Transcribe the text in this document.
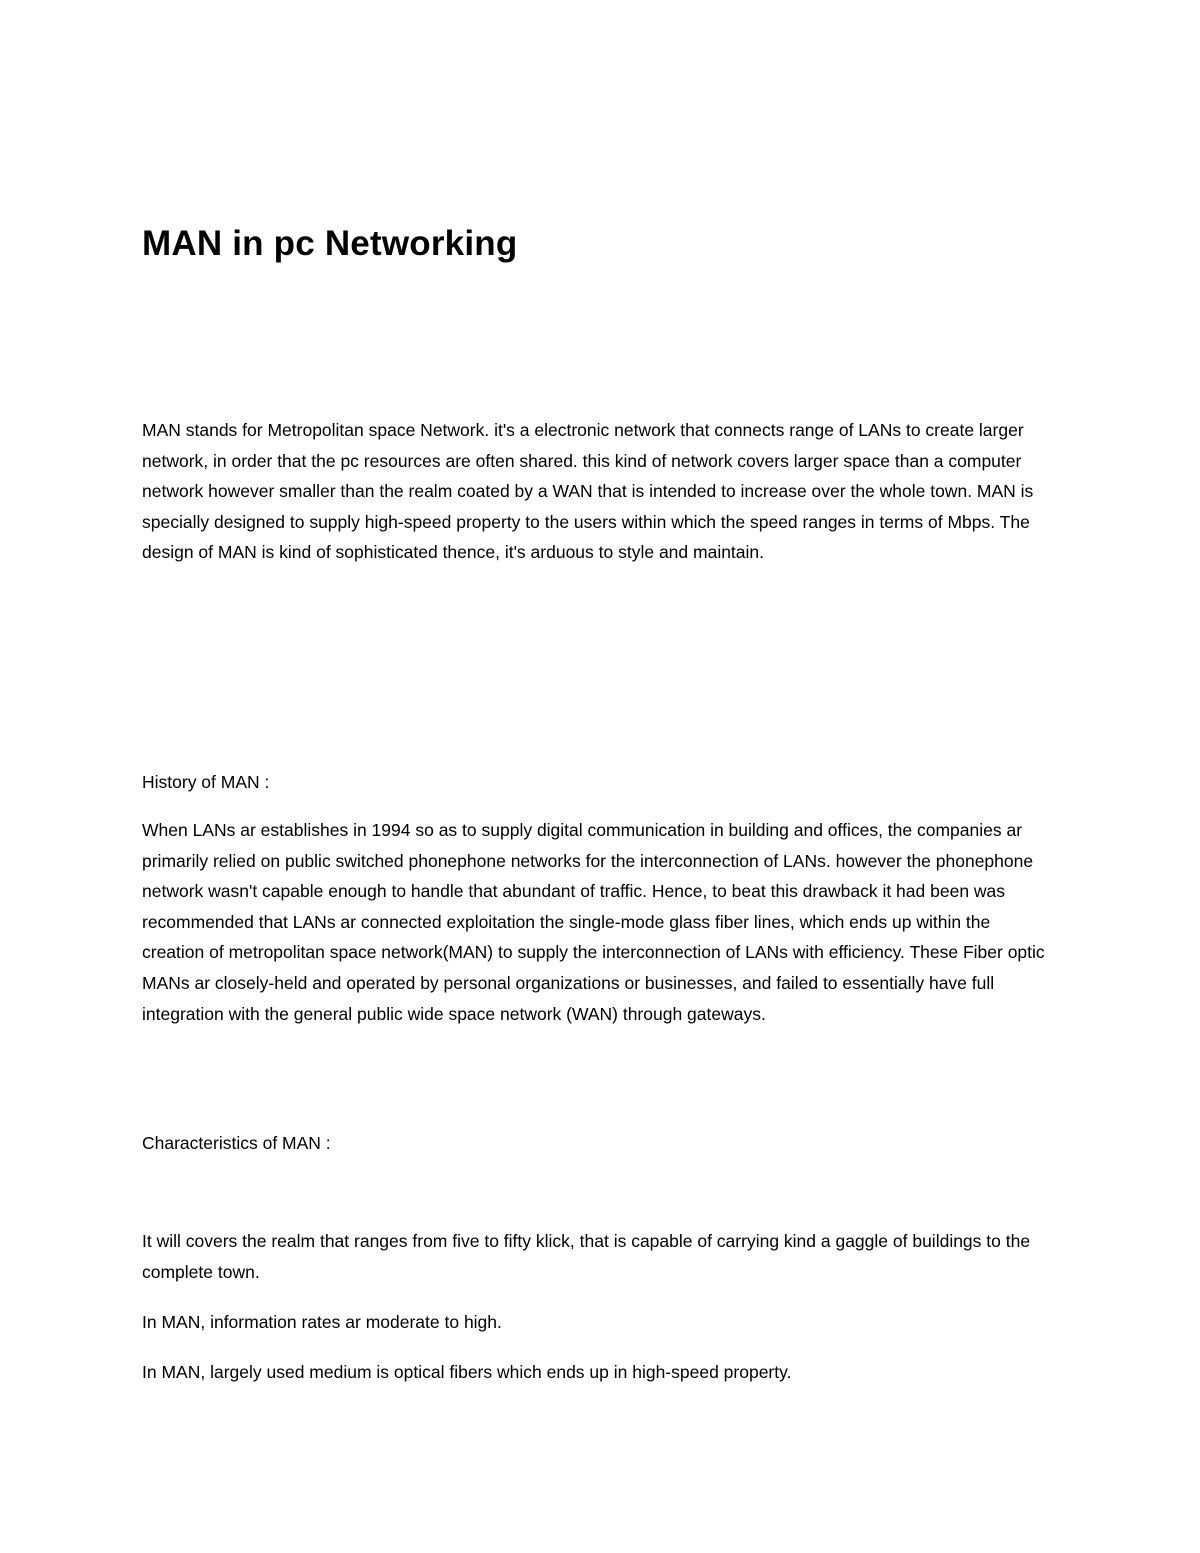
MAN in pc Networking

MAN stands for Metropolitan space Network. it's a electronic network that connects range of LANs to create larger network, in order that the pc resources are often shared. this kind of network covers larger space than a computer network however smaller than the realm coated by a WAN that is intended to increase over the whole town. MAN is specially designed to supply high-speed property to the users within which the speed ranges in terms of Mbps. The design of MAN is kind of sophisticated thence, it's arduous to style and maintain.

History of MAN :

When LANs ar establishes in 1994 so as to supply digital communication in building and offices, the companies ar primarily relied on public switched phonephone networks for the interconnection of LANs. however the phonephone network wasn't capable enough to handle that abundant of traffic. Hence, to beat this drawback it had been was recommended that LANs ar connected exploitation the single-mode glass fiber lines, which ends up within the creation of metropolitan space network(MAN) to supply the interconnection of LANs with efficiency. These Fiber optic MANs ar closely-held and operated by personal organizations or businesses, and failed to essentially have full integration with the general public wide space network (WAN) through gateways.

Characteristics of MAN :

It will covers the realm that ranges from five to fifty klick, that is capable of carrying kind a gaggle of buildings to the complete town.

In MAN, information rates ar moderate to high.

In MAN, largely used medium is optical fibers which ends up in high-speed property.
